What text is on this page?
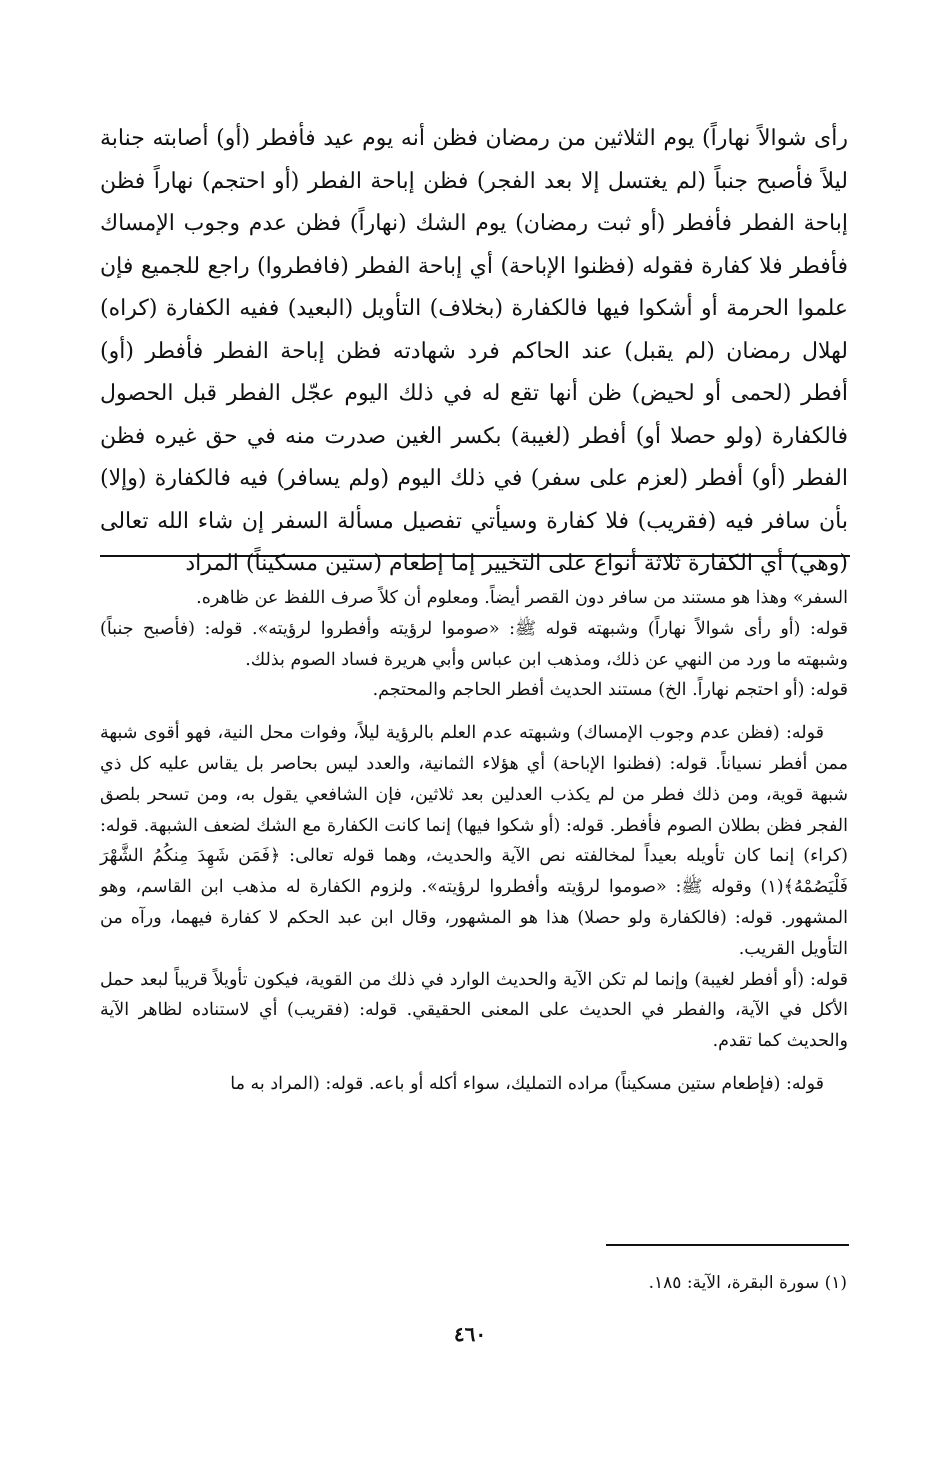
رأى شوالاً نهاراً) يوم الثلاثين من رمضان فظن أنه يوم عيد فأفطر (أو) أصابته جنابة ليلاً فأصبح جنباً (لم يغتسل إلا بعد الفجر) فظن إباحة الفطر (أو احتجم) نهاراً فظن إباحة الفطر فأفطر (أو ثبت رمضان) يوم الشك (نهاراً) فظن عدم وجوب الإمساك فأفطر فلا كفارة فقوله (فظنوا الإباحة) أي إباحة الفطر (فافطروا) راجع للجميع فإن علموا الحرمة أو أشكوا فيها فالكفارة (بخلاف) التأويل (البعيد) ففيه الكفارة (كراه) لهلال رمضان (لم يقبل) عند الحاكم فرد شهادته فظن إباحة الفطر فأفطر (أو) أفطر (لحمى أو لحيض) ظن أنها تقع له في ذلك اليوم عجّل الفطر قبل الحصول فالكفارة (ولو حصلا أو) أفطر (لغيبة) بكسر الغين صدرت منه في حق غيره فظن الفطر (أو) أفطر (لعزم على سفر) في ذلك اليوم (ولم يسافر) فيه فالكفارة (وإلا) بأن سافر فيه (فقريب) فلا كفارة وسيأتي تفصيل مسألة السفر إن شاء الله تعالى (وهي) أي الكفارة ثلاثة أنواع على التخيير إما إطعام (ستين مسكيناً) المراد

السفر» وهذا هو مستند من سافر دون القصر أيضاً. ومعلوم أن كلاً صرف اللفظ عن ظاهره.

قوله: (أو رأى شوالاً نهاراً) وشبهته قوله ﷺ: «صوموا لرؤيته وأفطروا لرؤيته». قوله: (فأصبح جنباً) وشبهته ما ورد من النهي عن ذلك، ومذهب ابن عباس وأبي هريرة فساد الصوم بذلك.

قوله: (أو احتجم نهاراً. الخ) مستند الحديث أفطر الحاجم والمحتجم.

قوله: (فظن عدم وجوب الإمساك) وشبهته عدم العلم بالرؤية ليلاً، وفوات محل النية، فهو أقوى شبهة ممن أفطر نسياناً. قوله: (فظنوا الإباحة) أي هؤلاء الثمانية، والعدد ليس بحاصر بل يقاس عليه كل ذي شبهة قوية، ومن ذلك فطر من لم يكذب العدلين بعد ثلاثين، فإن الشافعي يقول به، ومن تسحر بلصق الفجر فظن بطلان الصوم فأفطر. قوله: (أو شكوا فيها) إنما كانت الكفارة مع الشك لضعف الشبهة. قوله: (كراء) إنما كان تأويله بعيداً لمخالفته نص الآية والحديث، وهما قوله تعالى: ﴿فَمَن شَهِدَ مِنكُمُ الشَّهْرَ فَلْيَصُمْهُ﴾(١) وقوله ﷺ: «صوموا لرؤيته وأفطروا لرؤيته». ولزوم الكفارة له مذهب ابن القاسم، وهو المشهور. قوله: (فالكفارة ولو حصلا) هذا هو المشهور، وقال ابن عبد الحكم لا كفارة فيهما، ورآه من التأويل القريب.

قوله: (أو أفطر لغيبة) وإنما لم تكن الآية والحديث الوارد في ذلك من القوية، فيكون تأويلاً قريباً لبعد حمل الأكل في الآية، والفطر في الحديث على المعنى الحقيقي. قوله: (فقريب) أي لاستناده لظاهر الآية والحديث كما تقدم.

قوله: (فإطعام ستين مسكيناً) مراده التمليك، سواء أكله أو باعه. قوله: (المراد به ما

(١) سورة البقرة، الآية: ١٨٥.

٤٦٠
